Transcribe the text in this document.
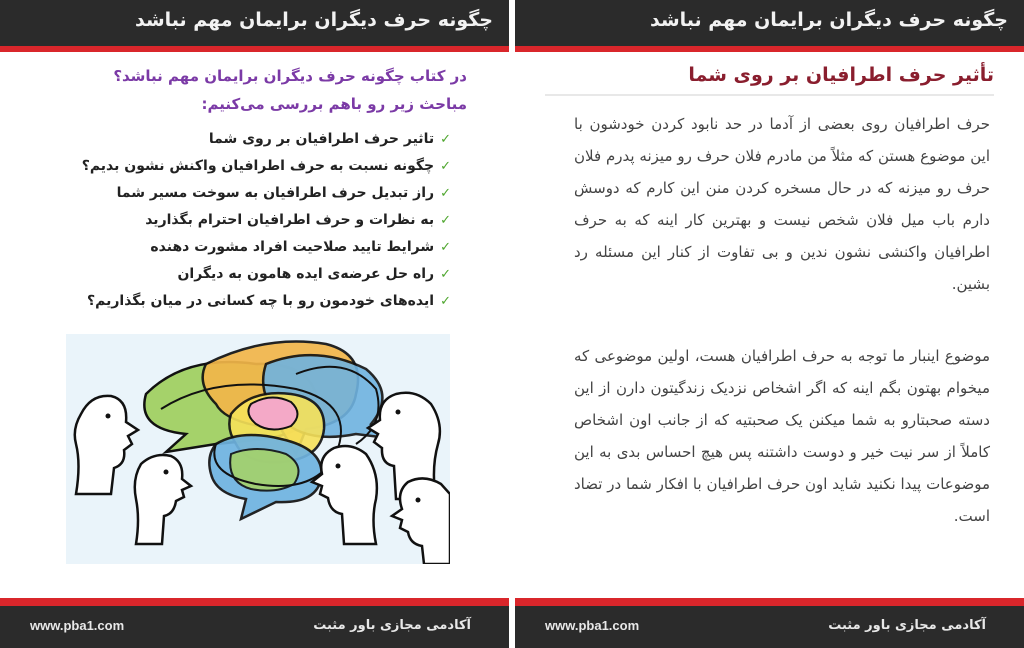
چگونه حرف دیگران برایمان مهم نباشد
در کتاب چگونه حرف دیگران برایمان مهم نباشد؟ مباحث زیر رو باهم بررسی می‌کنیم:
✓تاثیر حرف اطرافیان بر روی شما
✓چگونه نسبت به حرف اطرافیان واکنش نشون بدیم؟
✓راز تبدیل حرف اطرافیان به سوخت مسیر شما
✓به نظرات و حرف اطرافیان احترام بگذارید
✓شرایط تایید صلاحیت افراد مشورت دهنده
✓راه حل عرضه‌ی ایده هامون به دیگران
✓ایده‌های خودمون رو با چه کسانی در میان بگذاریم؟
آکادمی مجازی باور مثبت
www.pba1.com
چگونه حرف دیگران برایمان مهم نباشد
تأثیر حرف اطرافیان بر روی شما
حرف اطرافیان روی بعضی از آدما در حد نابود کردن خودشون با این موضوع هستن که مثلاً من مادرم فلان حرف رو میزنه پدرم فلان حرف رو میزنه که در حال مسخره کردن منن این کارم که دوسش دارم باب میل فلان شخص نیست و بهترین کار اینه که به حرف اطرافیان واکنشی نشون ندین و بی تفاوت از کنار این مسئله رد بشین.
موضوع اینبار ما توجه به حرف اطرافیان هست، اولین موضوعی که میخوام بهتون بگم اینه که اگر اشخاص نزدیک زندگیتون دارن از این دسته صحبتارو به شما میکنن یک صحبتیه که از جانب اون اشخاص کاملاً از سر نیت خیر و دوست داشتنه پس هیچ احساس بدی به این موضوعات پیدا نکنید شاید اون حرف اطرافیان با افکار شما در تضاد است.
آکادمی مجازی باور مثبت
www.pba1.com
